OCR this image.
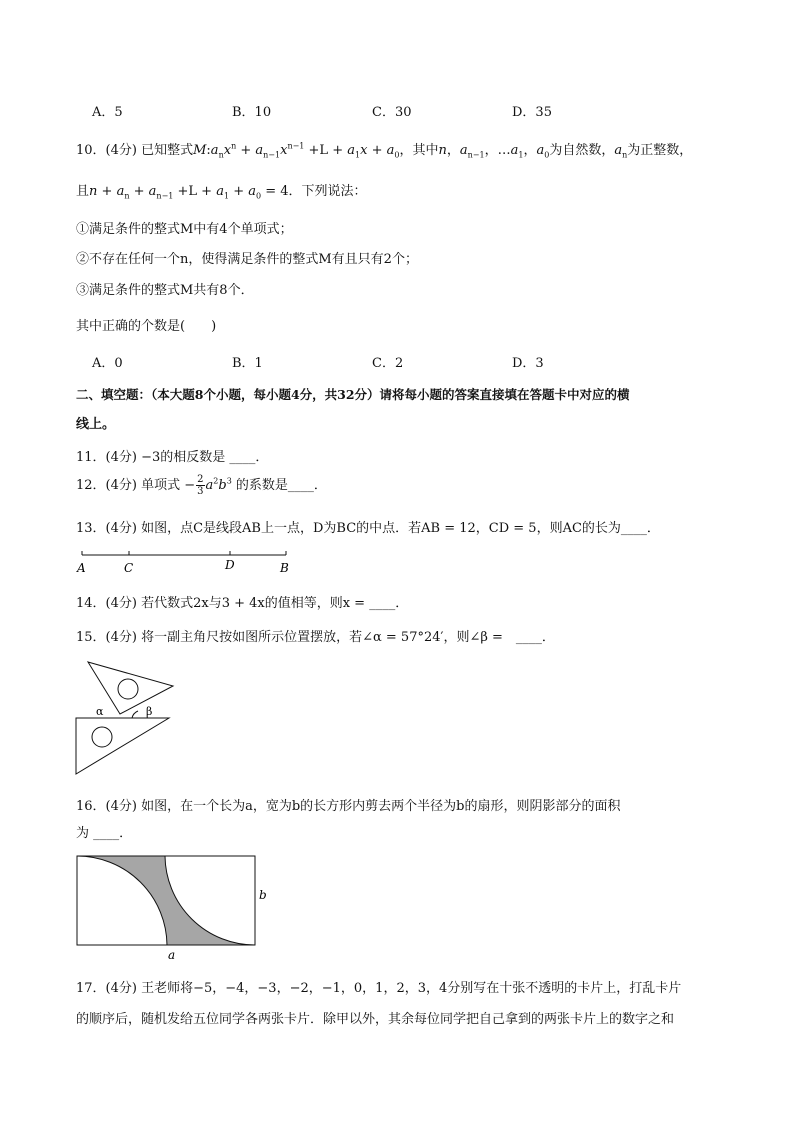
A．5	B．10	C．30	D．35
10．(4分) 已知整式$M:a_nx^n + a_{n-1}x^{n-1} +L + a_1x + a_0$，其中n，$a_{n-1}$，$\dots a_1$，$a_0$为自然数，$a_n$为正整数，
且$n + a_n + a_{n-1} +L + a_1 + a_0 = 4$．下列说法：
①满足条件的整式M中有4个单项式；
②不存在任何一个n，使得满足条件的整式M有且只有2个；
③满足条件的整式M共有8个．
其中正确的个数是(　　)
A．0	B．1	C．2	D．3
二、填空题：（本大题8个小题，每小题4分，共32分）请将每小题的答案直接填在答题卡中对应的横
线上。
11．(4分) −3的相反数是 ____．
12．(4分) 单项式 − $\frac{2}{3} a^2b^3$ 的系数是____．
13．(4分) 如图，点C是线段AB上一点，D为BC的中点．若AB = 12，CD = 5，则AC的长为____．
A	C	D	B
14．(4分) 若代数式2x与3 + 4x的值相等，则x = ____．
15．(4分) 将一副主角尺按如图所示位置摆放，若∠α = 57°24′，则∠β =　____．
α	β
16．(4分) 如图，在一个长为a，宽为b的长方形内剪去两个半径为b的扇形，则阴影部分的面积
为 ____．
b
a
17．(4分) 王老师将−5，−4，−3，−2，−1，0，1，2，3，4分别写在十张不透明的卡片上，打乱卡片
的顺序后，随机发给五位同学各两张卡片．除甲以外，其余每位同学把自己拿到的两张卡片上的数字之和
